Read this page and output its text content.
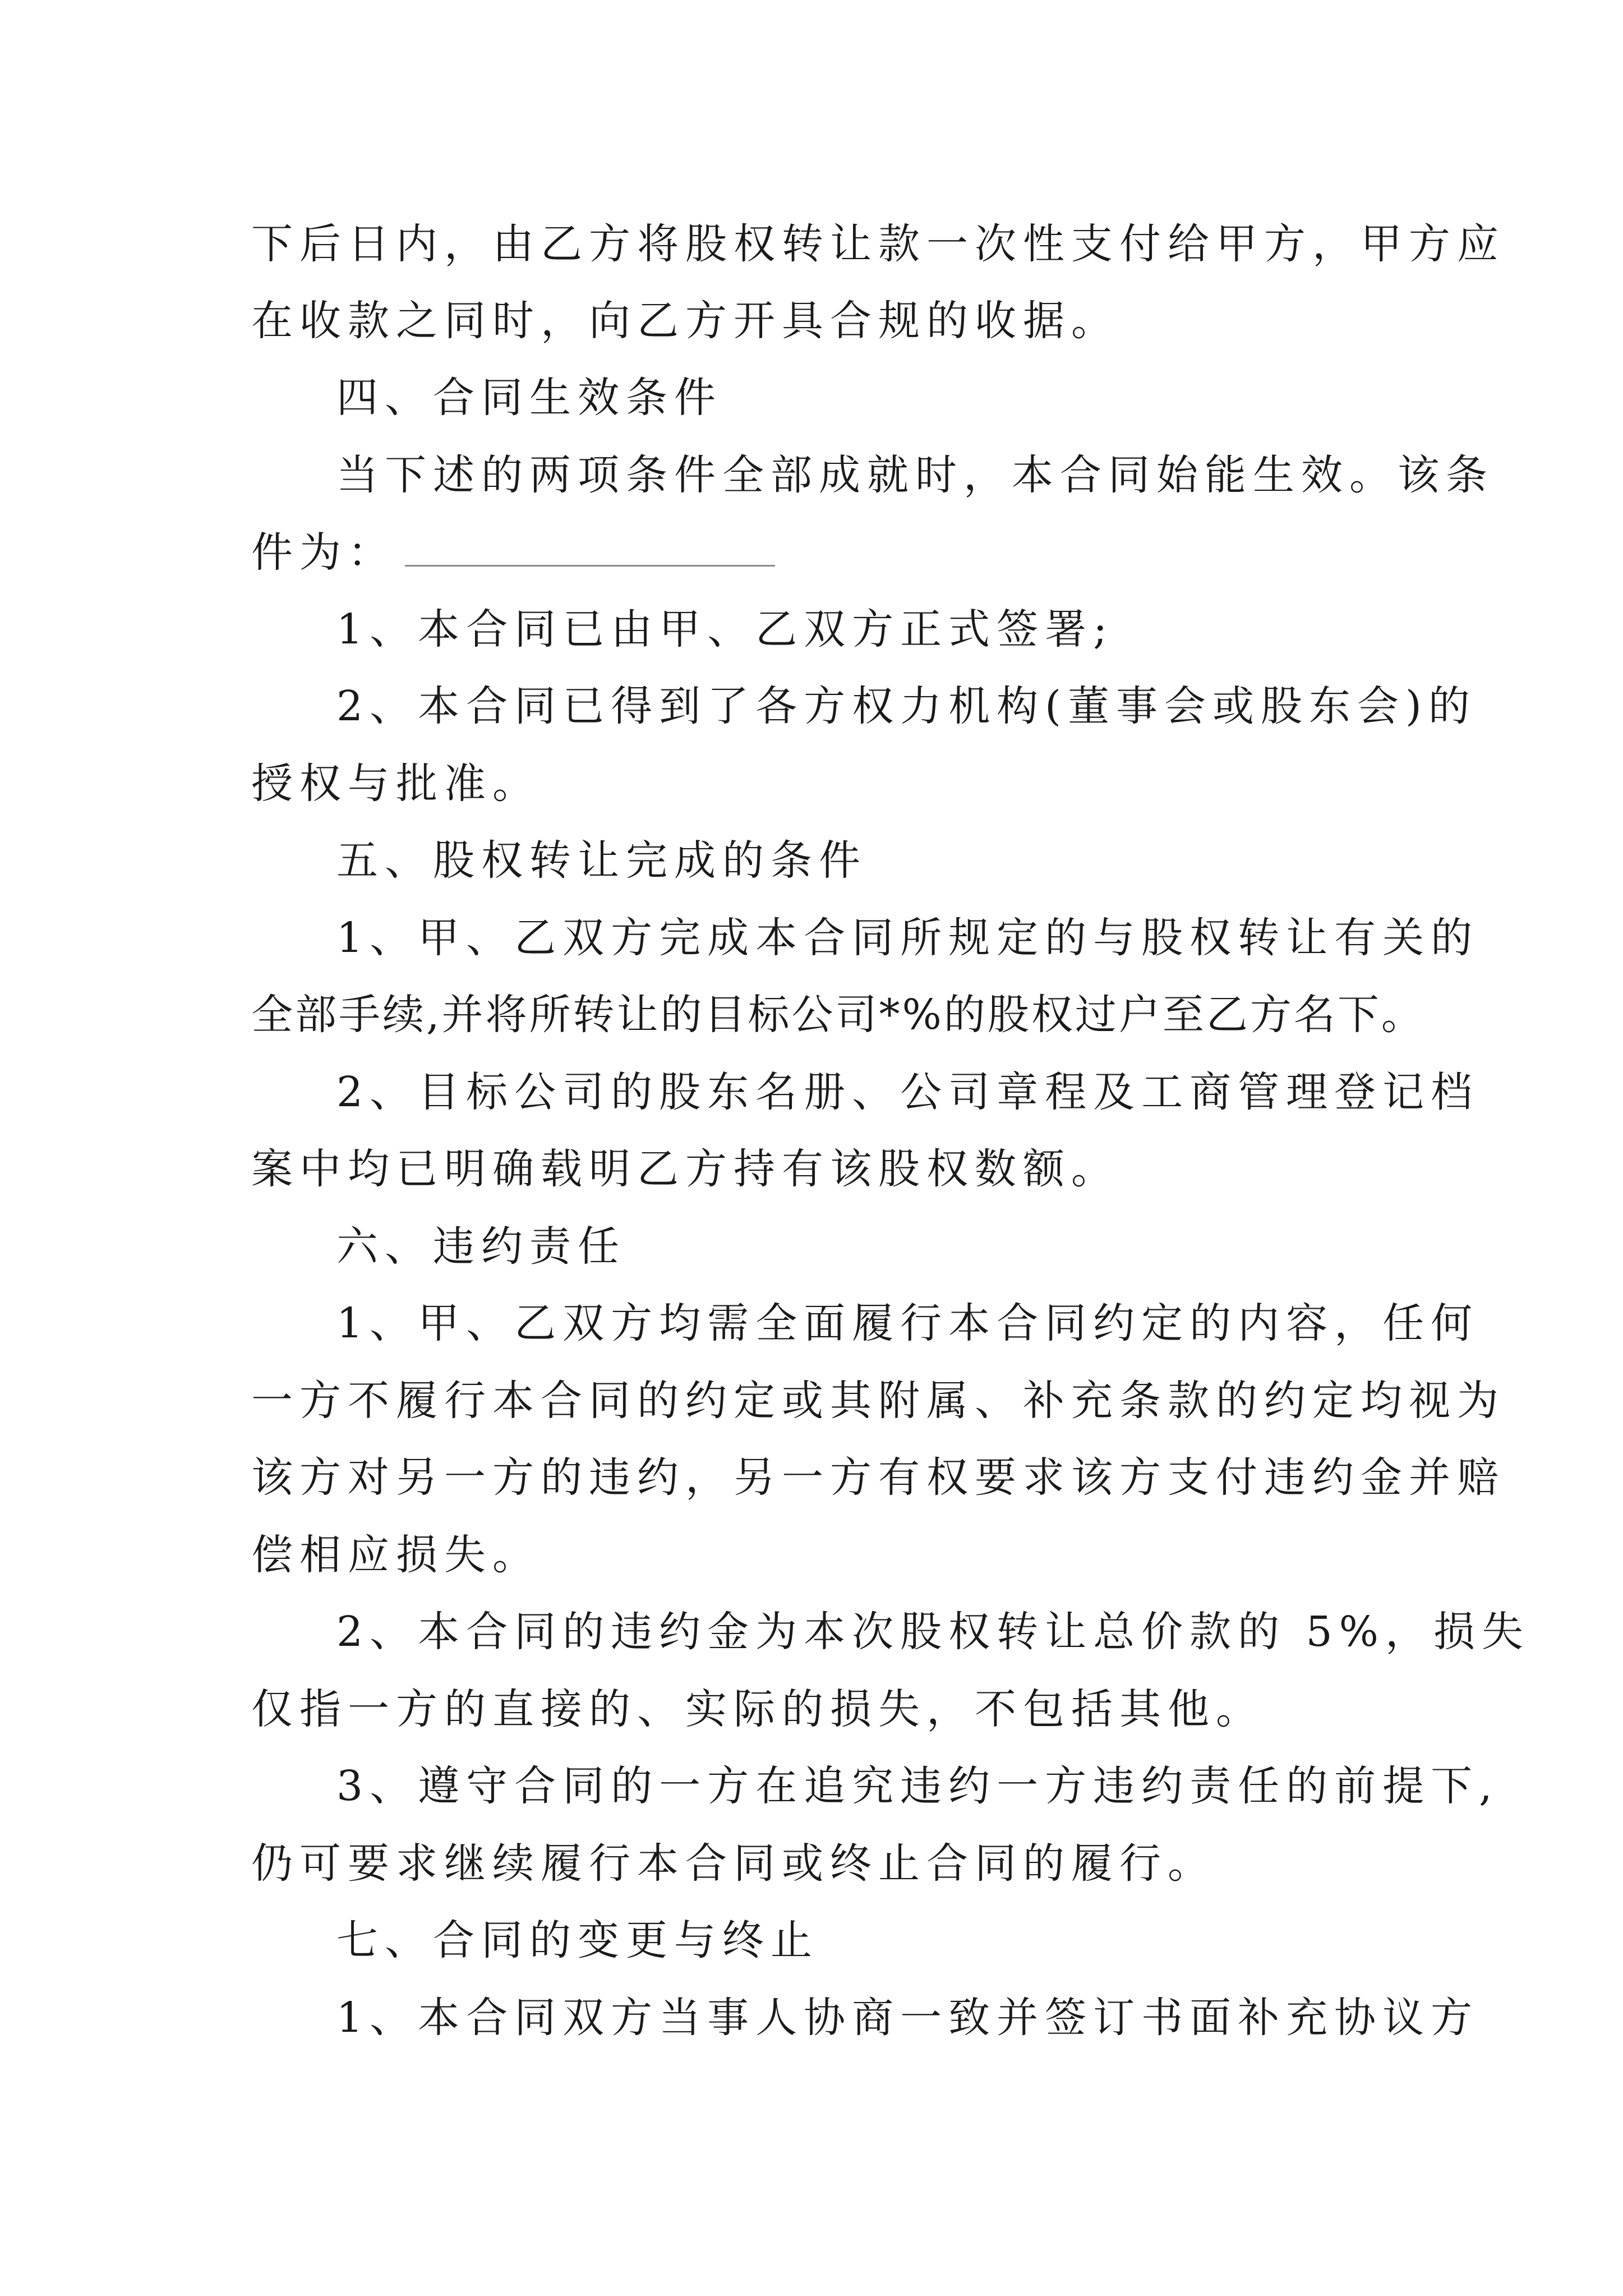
下后日内，由乙方将股权转让款一次性支付给甲方，甲方应
在收款之同时，向乙方开具合规的收据。
四、合同生效条件
当下述的两项条件全部成就时，本合同始能生效。该条
件为：
1、本合同已由甲、乙双方正式签署;
2、本合同已得到了各方权力机构(董事会或股东会)的
授权与批准。
五、股权转让完成的条件
1、甲、乙双方完成本合同所规定的与股权转让有关的
全部手续,并将所转让的目标公司*%的股权过户至乙方名下。
2、目标公司的股东名册、公司章程及工商管理登记档
案中均已明确载明乙方持有该股权数额。
六、违约责任
1、甲、乙双方均需全面履行本合同约定的内容，任何
一方不履行本合同的约定或其附属、补充条款的约定均视为
该方对另一方的违约，另一方有权要求该方支付违约金并赔
偿相应损失。
2、本合同的违约金为本次股权转让总价款的 5%，损失
仅指一方的直接的、实际的损失，不包括其他。
3、遵守合同的一方在追究违约一方违约责任的前提下,
仍可要求继续履行本合同或终止合同的履行。
七、合同的变更与终止
1、本合同双方当事人协商一致并签订书面补充协议方
